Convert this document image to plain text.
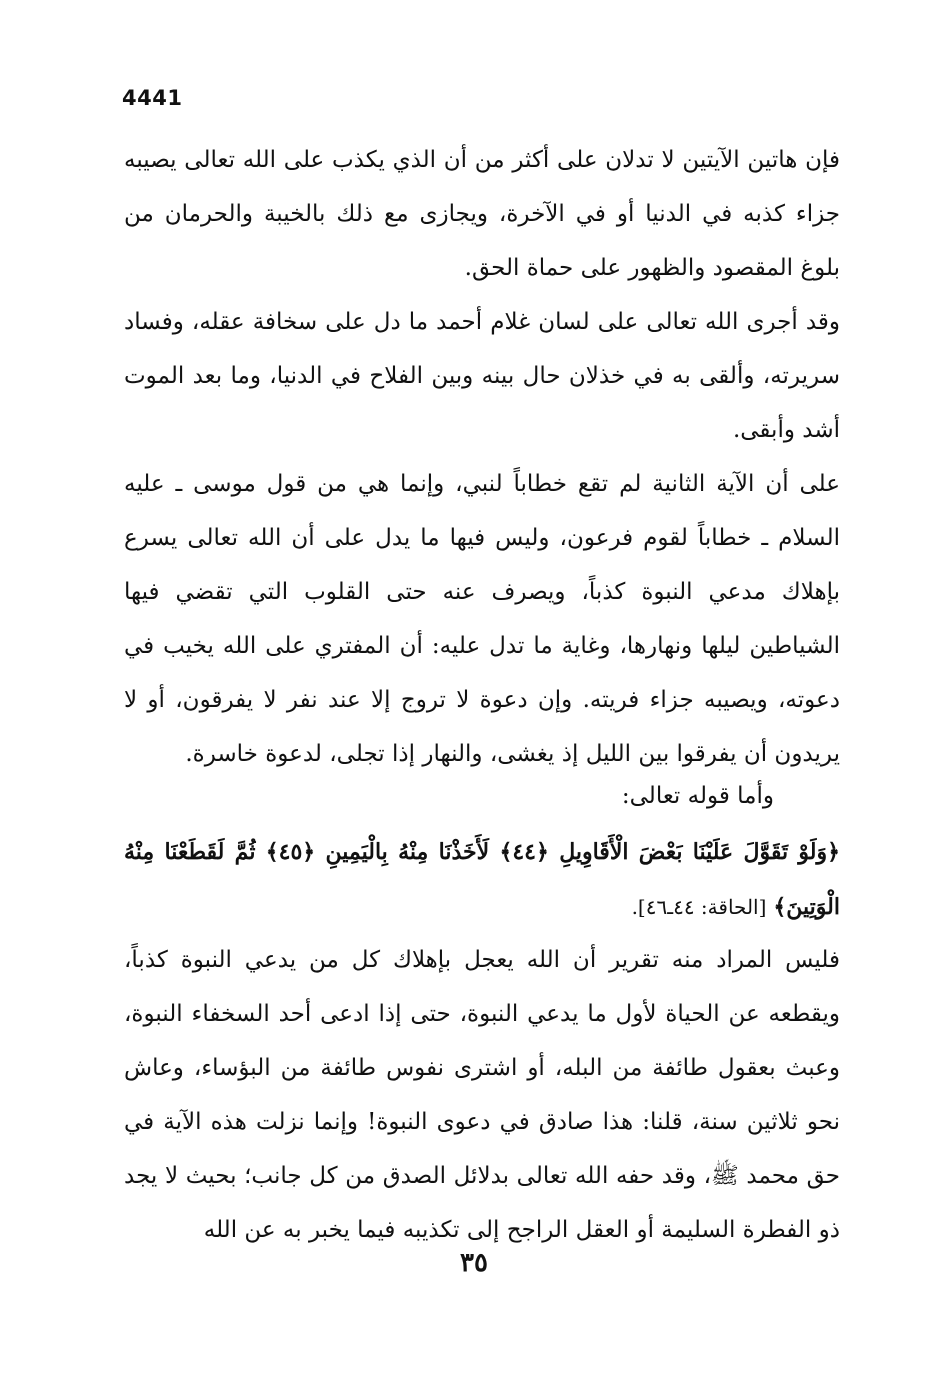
4441

فإن هاتين الآيتين لا تدلان على أكثر من أن الذي يكذب على الله تعالى يصيبه جزاء كذبه في الدنيا أو في الآخرة، ويجازى مع ذلك بالخيبة والحرمان من بلوغ المقصود والظهور على حماة الحق.

وقد أجرى الله تعالى على لسان غلام أحمد ما دل على سخافة عقله، وفساد سريرته، وألقى به في خذلان حال بينه وبين الفلاح في الدنيا، وما بعد الموت أشد وأبقى.

على أن الآية الثانية لم تقع خطاباً لنبي، وإنما هي من قول موسى ـ عليه السلام ـ خطاباً لقوم فرعون، وليس فيها ما يدل على أن الله تعالى يسرع بإهلاك مدعي النبوة كذباً، ويصرف عنه حتى القلوب التي تقضي فيها الشياطين ليلها ونهارها، وغاية ما تدل عليه: أن المفتري على الله يخيب في دعوته، ويصيبه جزاء فريته. وإن دعوة لا تروج إلا عند نفر لا يفرقون، أو لا يريدون أن يفرقوا بين الليل إذ يغشى، والنهار إذا تجلى، لدعوة خاسرة.

وأما قوله تعالى:

﴿وَلَوْ تَقَوَّلَ عَلَيْنَا بَعْضَ الْأَقَاوِيلِ ﴿٤٤﴾ لَأَخَذْنَا مِنْهُ بِالْيَمِينِ ﴿٤٥﴾ ثُمَّ لَقَطَعْنَا مِنْهُ الْوَتِينَ﴾ [الحاقة: ٤٤ـ٤٦].

فليس المراد منه تقرير أن الله يعجل بإهلاك كل من يدعي النبوة كذباً، ويقطعه عن الحياة لأول ما يدعي النبوة، حتى إذا ادعى أحد السخفاء النبوة، وعبث بعقول طائفة من البله، أو اشترى نفوس طائفة من البؤساء، وعاش نحو ثلاثين سنة، قلنا: هذا صادق في دعوى النبوة! وإنما نزلت هذه الآية في حق محمد ﷺ، وقد حفه الله تعالى بدلائل الصدق من كل جانب؛ بحيث لا يجد ذو الفطرة السليمة أو العقل الراجح إلى تكذيبه فيما يخبر به عن الله

٣٥
